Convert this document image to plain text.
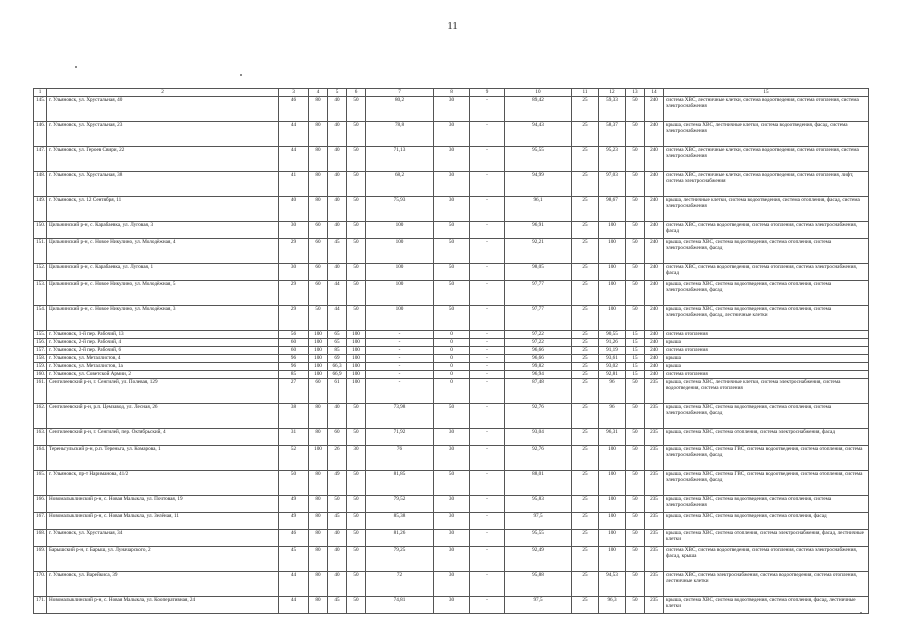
11
1	2	3	4	5	6	7	8	9	10	11	12	13	14	15
145.	г. Ульяновск, ул. Хрустальная, 40	46	80	40	50	80,2	30	-	89,42	25	59,33	50	240	система ХВС, лестничные клетки, система водоотведения, система отопления, система электроснабжения
146.	г. Ульяновск, ул. Хрустальная, 23	44	80	40	50	78,8	30	-	94,43	25	58,37	50	240	крыша, система ХВС, лестничные клетки, система водоотведения, фасад, система электроснабжения
147.	г. Ульяновск, ул. Героев Свири, 22	44	80	40	50	71,13	30	-	95,55	25	95,23	50	240	система ХВС, лестничные клетки, система водоотведения, система отопления, система электроснабжения
148.	г. Ульяновск, ул. Хрустальная, 38	41	80	40	50	68,2	30	-	94,99	25	97,03	50	240	система ХВС, лестничные клетки, система водоотведения, система отопления, лифт, система электроснабжения
149.	г. Ульяновск, ул. 12 Сентября, 11	40	80	40	50	75,93	30	-	96,1	25	98,67	50	240	крыша, лестничные клетки, система водоотведения, система отопления, фасад, система электроснабжения
150.	Цильнинский р-н, с. Карабаевка, ул. Луговая, 3	30	60	40	50	100	50	-	96,91	25	100	50	240	система ХВС, система водоотведения, система отопления, система электроснабжения, фасад
151.	Цильнинский р-н, с. Новое Никулино, ул. Молодёжная, 4	29	60	45	50	100	50	-	92,21	25	100	50	240	крыша, система ХВС, система водоотведения, система отопления, система электроснабжения, фасад
152.	Цильнинский р-н, с. Карабаевка, ул. Луговая, 1	30	60	40	50	100	50	-	98,05	25	100	50	240	система ХВС, система водоотведения, система отопления, система электроснабжения, фасад
153.	Цильнинский р-н, с. Новое Никулино, ул. Молодёжная, 5	29	60	44	50	100	50	-	97,77	25	100	50	240	крыша, система ХВС, система водоотведения, система отопления, система электроснабжения, фасад
154.	Цильнинский р-н, с. Новое Никулино, ул. Молодёжная, 3	29	50	44	50	100	50	-	97,77	25	100	50	240	крыша, система ХВС, система водоотведения, система отопления, система электроснабжения, фасад, лестничные клетки
155.	г. Ульяновск, 1-й пер. Рабочий, 13	56	100	65	100	-	0	-	97,22	25	90,55	15	240	система отопления
156.	г. Ульяновск, 2-й пер. Рабочий, 4	60	100	65	100	-	0	-	97,22	25	91,26	15	240	крыша
157.	г. Ульяновск, 2-й пер. Рабочий, 6	60	100	85	100	-	0	-	96,66	25	91,19	15	240	система отопления
158.	г. Ульяновск, ул. Металлистов, 4	96	100	69	100	-	0	-	96,66	25	93,61	15	240	крыша
159.	г. Ульяновск, ул. Металлистов, 1а	96	100	66,3	100	-	0	-	99,82	25	93,02	15	240	крыша
160.	г. Ульяновск, ул. Советской Армии, 2	85	100	66,9	100	-	0	-	96,94	25	92,81	15	240	система отопления
161.	Сенгилеевский р-н, г. Сенгилей, ул. Полевая, 129	27	60	61	100	-	0	-	87,48	25	96	50	235	крыша, система ХВС, лестничные клетки, система электроснабжения, система водоотведения, система отопления
162.	Сенгилеевский р-н, р.п. Цемзавод, ул. Лесная, 26	38	80	40	50	73,98	50	-	92,76	25	96	50	235	крыша, система ХВС, система водоотведения, система отопления, система электроснабжения, фасад
163.	Сенгилеевский р-н, г. Сенгилей, пер. Октябрьский, 4	31	80	60	50	71,92	30	-	93,04	25	96,31	50	235	крыша, система ХВС, система отопления, система электроснабжения, фасад
164.	Тереньгульский р-н, р.п. Тереньга, ул. Комарова, 1	52	100	26	30	76	30	-	92,76	25	100	50	235	крыша, система ХВС, система ГВС, система водоотведения, система отопления, система электроснабжения, фасад
165.	г. Ульяновск, пр-т Нариманова, 41/2	50	80	49	50	81,85	50	-	88,01	25	100	50	235	крыша, система ХВС, система ГВС, система водоотведения, система отопления, система электроснабжения, фасад
166.	Новомалыклинский р-н, с. Новая Малыкла, ул. Почтовая, 19	49	80	50	50	79,52	30	-	95,83	25	100	50	235	крыша, система ХВС, система водоотведения, система отопления, система электроснабжения
167.	Новомалыклинский р-н, с. Новая Малыкла, ул. Зелёная, 11	49	80	45	50	85,38	30	-	97,5	25	100	50	235	крыша, система ХВС, система водоотведения, система отопления, фасад
168.	г. Ульяновск, ул. Хрустальная, 34	46	80	40	50	81,26	30	-	95,55	25	100	50	235	крыша, система ХВС, система отопления, система электроснабжения, фасад, лестничные клетки
169.	Барышский р-н, г. Барыш, ул. Луначарского, 2	45	80	40	50	79,25	30	-	92,49	25	100	50	235	система ХВС, система водоотведения, система отопления, система электроснабжения, фасад, крыша
170.	г. Ульяновск, ул. Варейкиса, 39	44	80	40	50	72	30	-	95,88	25	94,53	50	235	система ХВС, система электроснабжения, система водоотведения, система отопления, лестничные клетки
171.	Новомалыклинский р-н, с. Новая Малыкла, ул. Кооперативная, 24	44	80	45	50	74,81	30	-	97,5	25	96,3	50	235	крыша, система ХВС, система водоотведения, система отопления, фасад, лестничные клетки
